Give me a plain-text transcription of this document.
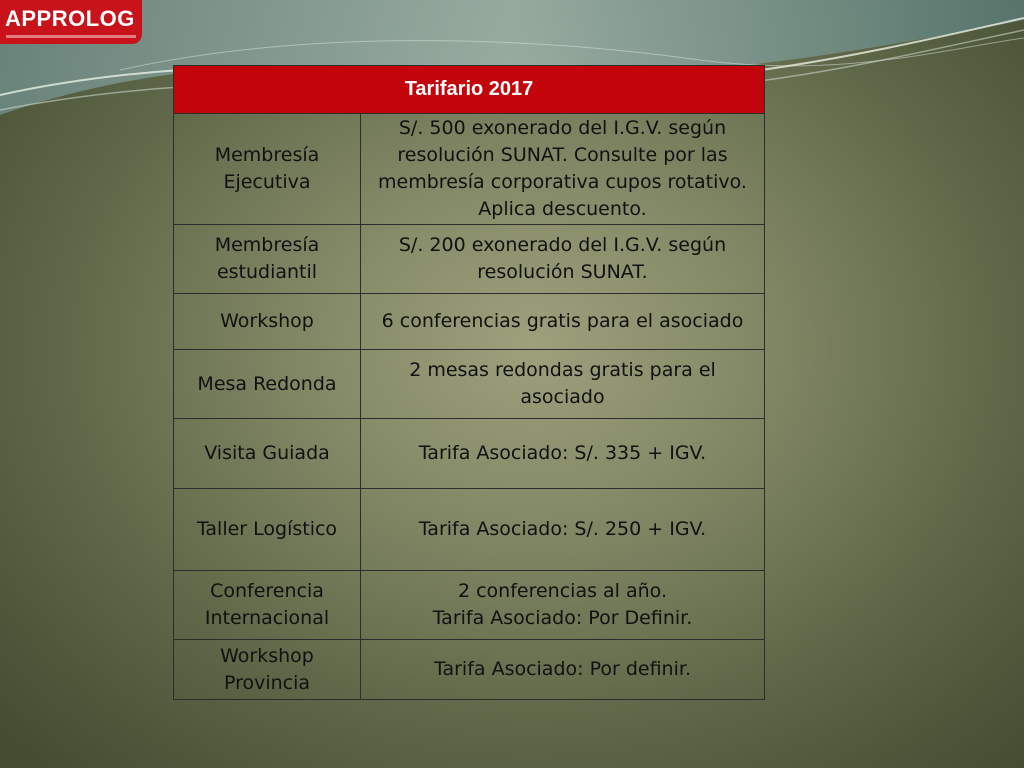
APPROLOG
Tarifario 2017	
Membresía Ejecutiva	S/. 500 exonerado del I.G.V. según resolución SUNAT. Consulte por las membresía corporativa cupos rotativo. Aplica descuento.
Membresía estudiantil	S/. 200 exonerado del I.G.V. según resolución SUNAT.
Workshop	6 conferencias gratis para el asociado
Mesa Redonda	2 mesas redondas gratis para el asociado
Visita Guiada	Tarifa Asociado: S/. 335 + IGV.
Taller Logístico	Tarifa Asociado: S/. 250 + IGV.
Conferencia Internacional	2 conferencias al año.
Tarifa Asociado: Por Definir.
Workshop Provincia	Tarifa Asociado: Por definir.
